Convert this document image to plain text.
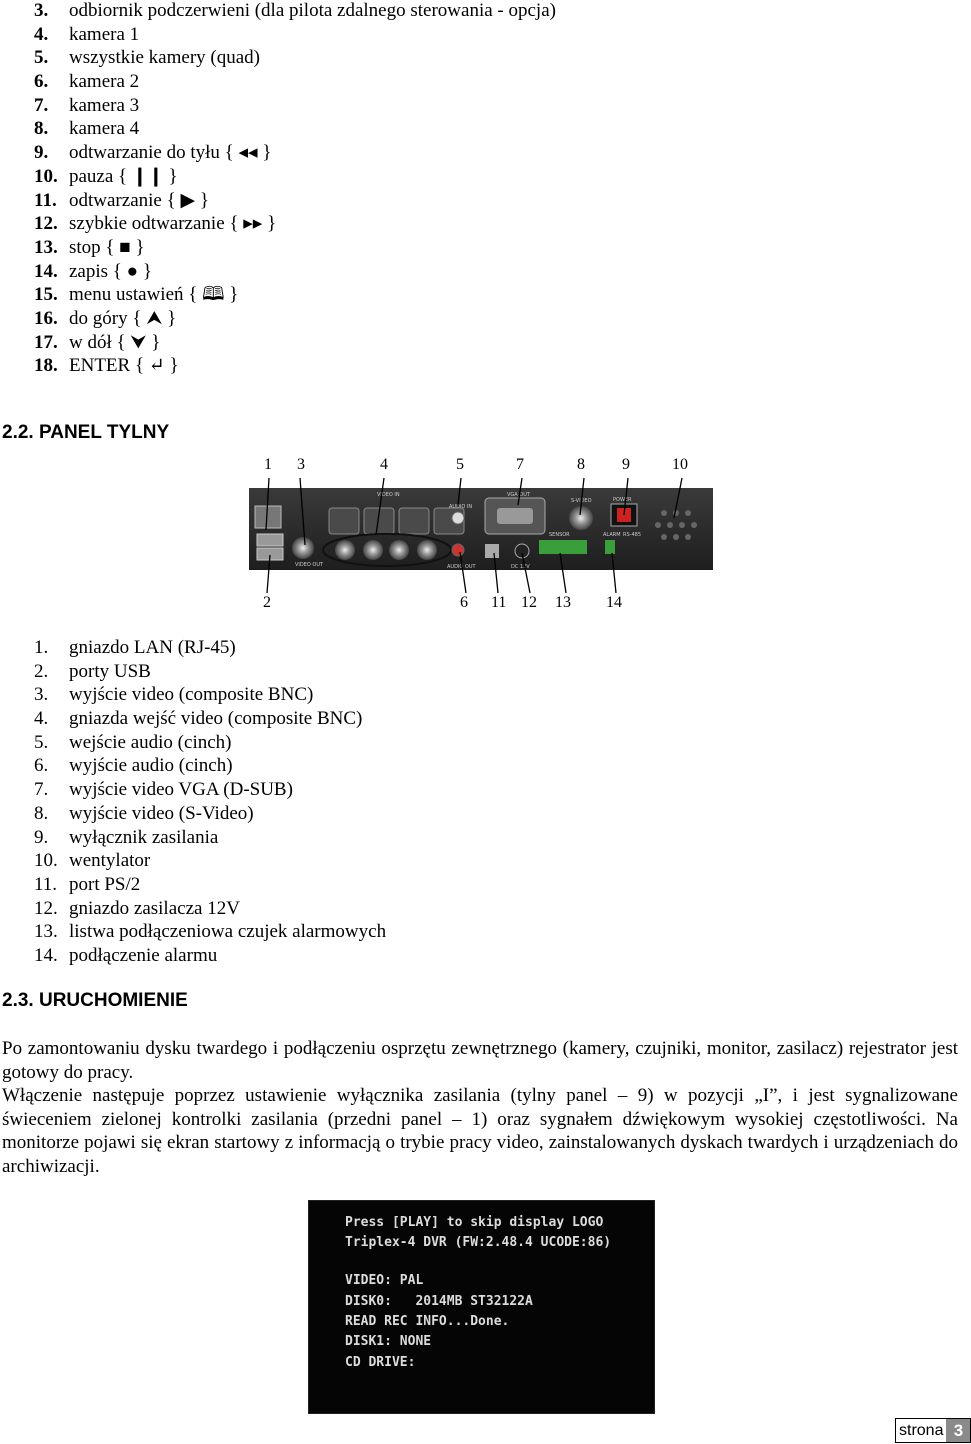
3.	odbiornik podczerwieni (dla pilota zdalnego sterowania - opcja)
4.	kamera 1
5.	wszystkie kamery (quad)
6.	kamera 2
7.	kamera 3
8.	kamera 4
9.	odtwarzanie do tyłu { ◂◂ }
10. pauza { ❙❙ }
11. odtwarzanie { ▶ }
12. szybkie odtwarzanie { ▸▸ }
13. stop { ■ }
14. zapis { ● }
15. menu ustawień { 🕮 }
16. do góry { ⮝ }
17. w dół { ⮟ }
18. ENTER { ↵ }
2.2. PANEL TYLNY
1 3	4	5	7	8 9	10
2	6 11 12 13 14
VIDEO IN	VGA OUT
S-VIDEO	POWER
AUDIO IN
VIDEO OUT
SENSOR	ALARM RS-485
AUDIO OUT	DC 12V
1.	gniazdo LAN (RJ-45)
2.	porty USB
3.	wyjście video (composite BNC)
4.	gniazda wejść video (composite BNC)
5.	wejście audio (cinch)
6.	wyjście audio (cinch)
7.	wyjście video VGA (D-SUB)
8.	wyjście video (S-Video)
9.	wyłącznik zasilania
10. wentylator
11. port PS/2
12. gniazdo zasilacza 12V
13. listwa podłączeniowa czujek alarmowych
14. podłączenie alarmu
2.3. URUCHOMIENIE

Po zamontowaniu dysku twardego i podłączeniu osprzętu zewnętrznego (kamery, czujniki, monitor, zasilacz) rejestrator jest gotowy do pracy.

Włączenie następuje poprzez ustawienie wyłącznika zasilania (tylny panel – 9) w pozycji „I”, i jest sygnalizowane świeceniem zielonej kontrolki zasilania (przedni panel – 1) oraz sygnałem dźwiękowym wysokiej częstotliwości. Na monitorze pojawi się ekran startowy z informacją o trybie pracy video, zainstalowanych dyskach twardych i urządzeniach do archiwizacji.

Press [PLAY] to skip display LOGO
Triplex-4 DVR (FW:2.48.4 UCODE:86)
VIDEO: PAL
DISK0:   2014MB ST32122A
READ REC INFO...Done.
DISK1: NONE
CD DRIVE:
strona 3
